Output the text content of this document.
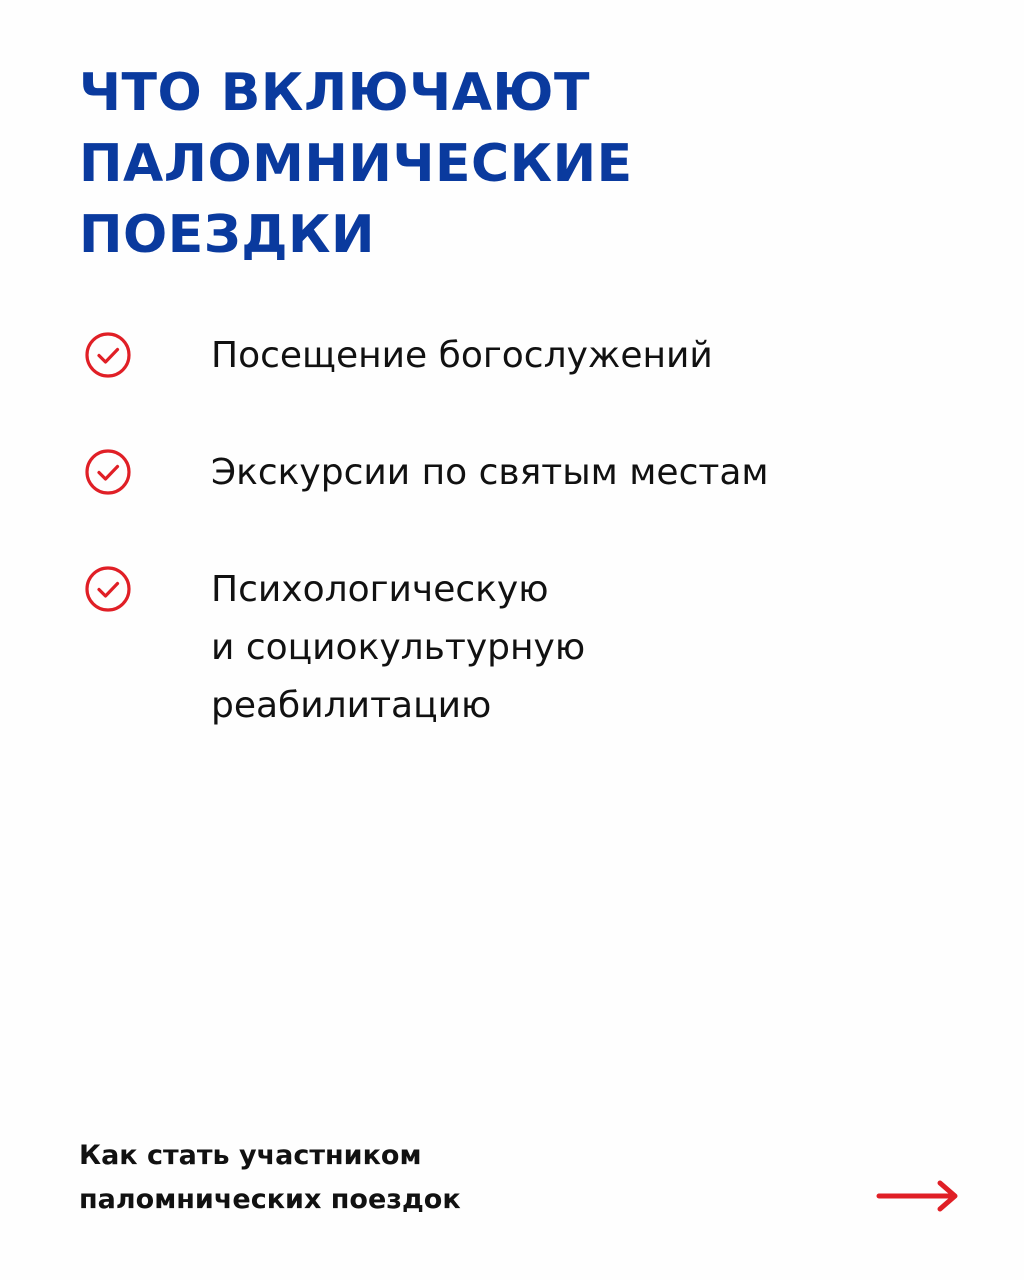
ЧТО ВКЛЮЧАЮТ
ПАЛОМНИЧЕСКИЕ
ПОЕЗДКИ
Посещение богослужений
Экскурсии по святым местам
Психологическую
и социокультурную
реабилитацию
Как стать участником
паломнических поездок
